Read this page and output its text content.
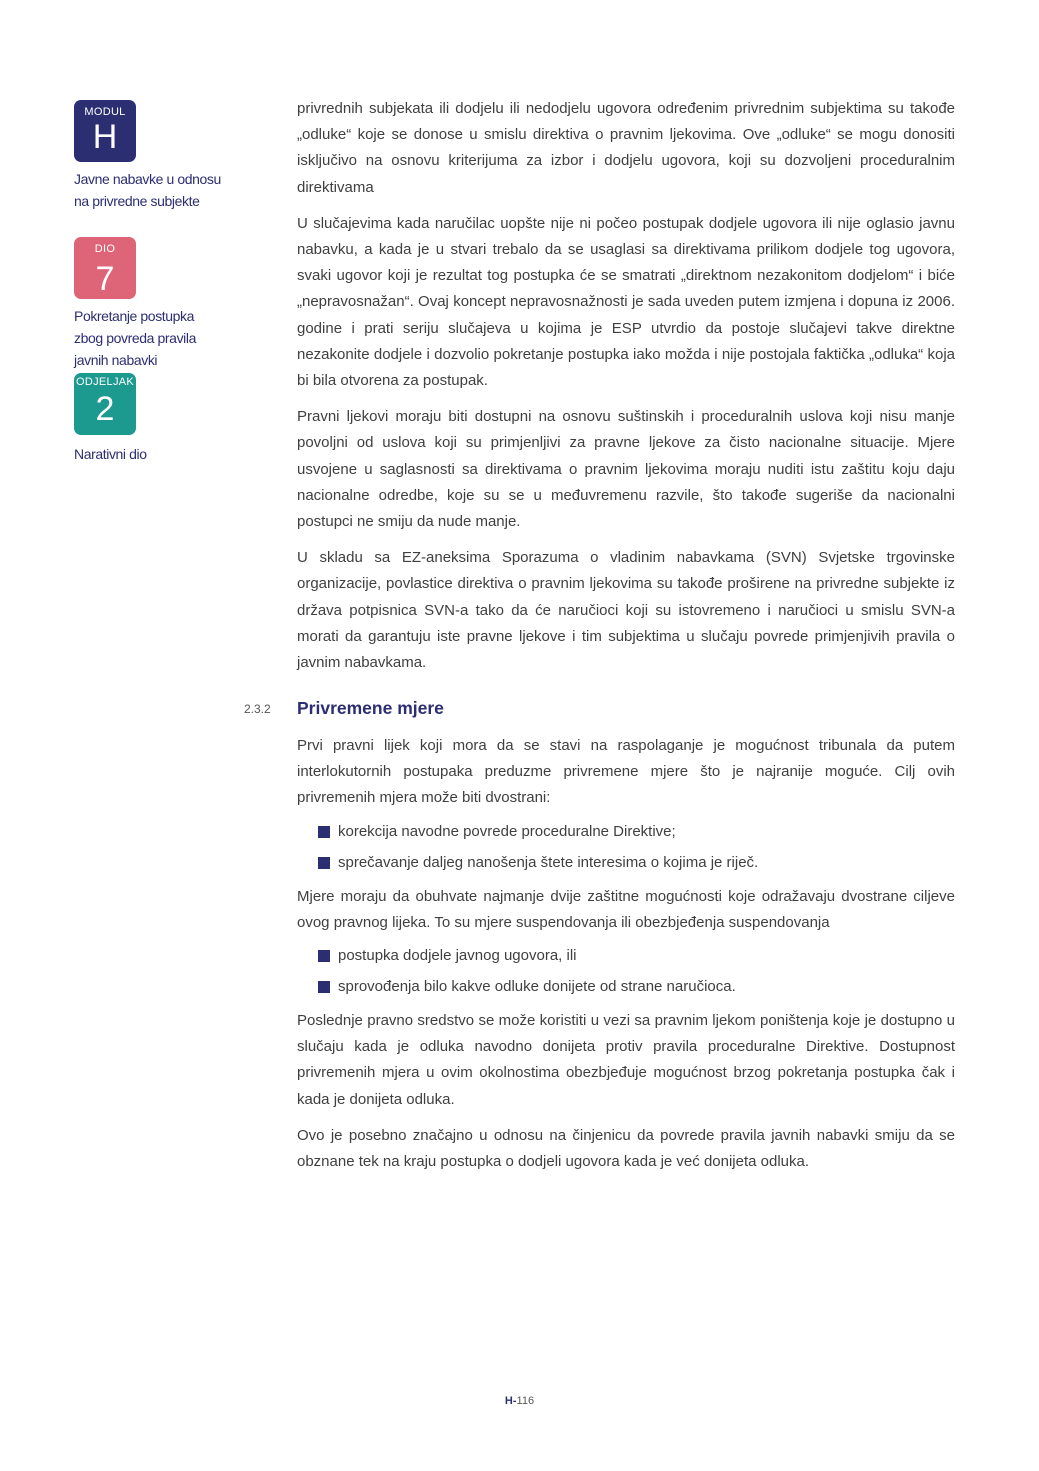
MODUL
H
Javne nabavke u odnosu
na privredne subjekte
DIO
7
Pokretanje postupka
zbog povreda pravila
javnih nabavki
ODJELJAK
2
Narativni dio

privrednih subjekata ili dodjelu ili nedodjelu ugovora određenim privrednim subjektima su takođe „odluke“ koje se donose u smislu direktiva o pravnim ljekovima. Ove „odluke“ se mogu donositi isključivo na osnovu kriterijuma za izbor i dodjelu ugovora, koji su dozvoljeni proceduralnim direktivama

U slučajevima kada naručilac uopšte nije ni počeo postupak dodjele ugovora ili nije oglasio javnu nabavku, a kada je u stvari trebalo da se usaglasi sa direktivama prilikom dodjele tog ugovora, svaki ugovor koji je rezultat tog postupka će se smatrati „direktnom nezakonitom dodjelom“ i biće „nepravosnažan“. Ovaj koncept nepravosnažnosti je sada uveden putem izmjena i dopuna iz 2006. godine i prati seriju slučajeva u kojima je ESP utvrdio da postoje slučajevi takve direktne nezakonite dodjele i dozvolio pokretanje postupka iako možda i nije postojala faktička „odluka“ koja bi bila otvorena za postupak.

Pravni ljekovi moraju biti dostupni na osnovu suštinskih i proceduralnih uslova koji nisu manje povoljni od uslova koji su primjenljivi za pravne ljekove za čisto nacionalne situacije. Mjere usvojene u saglasnosti sa direktivama o pravnim ljekovima moraju nuditi istu zaštitu koju daju nacionalne odredbe, koje su se u međuvremenu razvile, što takođe sugeriše da nacionalni postupci ne smiju da nude manje.

U skladu sa EZ-aneksima Sporazuma o vladinim nabavkama (SVN) Svjetske trgovinske organizacije, povlastice direktiva o pravnim ljekovima su takođe proširene na privredne subjekte iz država potpisnica SVN-a tako da će naručioci koji su istovremeno i naručioci u smislu SVN-a morati da garantuju iste pravne ljekove i tim subjektima u slučaju povrede primjenjivih pravila o javnim nabavkama.

2.3.2 Privremene mjere

Prvi pravni lijek koji mora da se stavi na raspolaganje je mogućnost tribunala da putem interlokutornih postupaka preduzme privremene mjere što je najranije moguće. Cilj ovih privremenih mjera može biti dvostrani:

korekcija navodne povrede proceduralne Direktive;
sprečavanje daljeg nanošenja štete interesima o kojima je riječ.

Mjere moraju da obuhvate najmanje dvije zaštitne mogućnosti koje odražavaju dvostrane ciljeve ovog pravnog lijeka. To su mjere suspendovanja ili obezbjeđenja suspendovanja

postupka dodjele javnog ugovora, ili
sprovođenja bilo kakve odluke donijete od strane naručioca.

Poslednje pravno sredstvo se može koristiti u vezi sa pravnim ljekom poništenja koje je dostupno u slučaju kada je odluka navodno donijeta protiv pravila proceduralne Direktive. Dostupnost privremenih mjera u ovim okolnostima obezbjeđuje mogućnost brzog pokretanja postupka čak i kada je donijeta odluka.

Ovo je posebno značajno u odnosu na činjenicu da povrede pravila javnih nabavki smiju da se obznane tek na kraju postupka o dodjeli ugovora kada je već donijeta odluka.

H-116
